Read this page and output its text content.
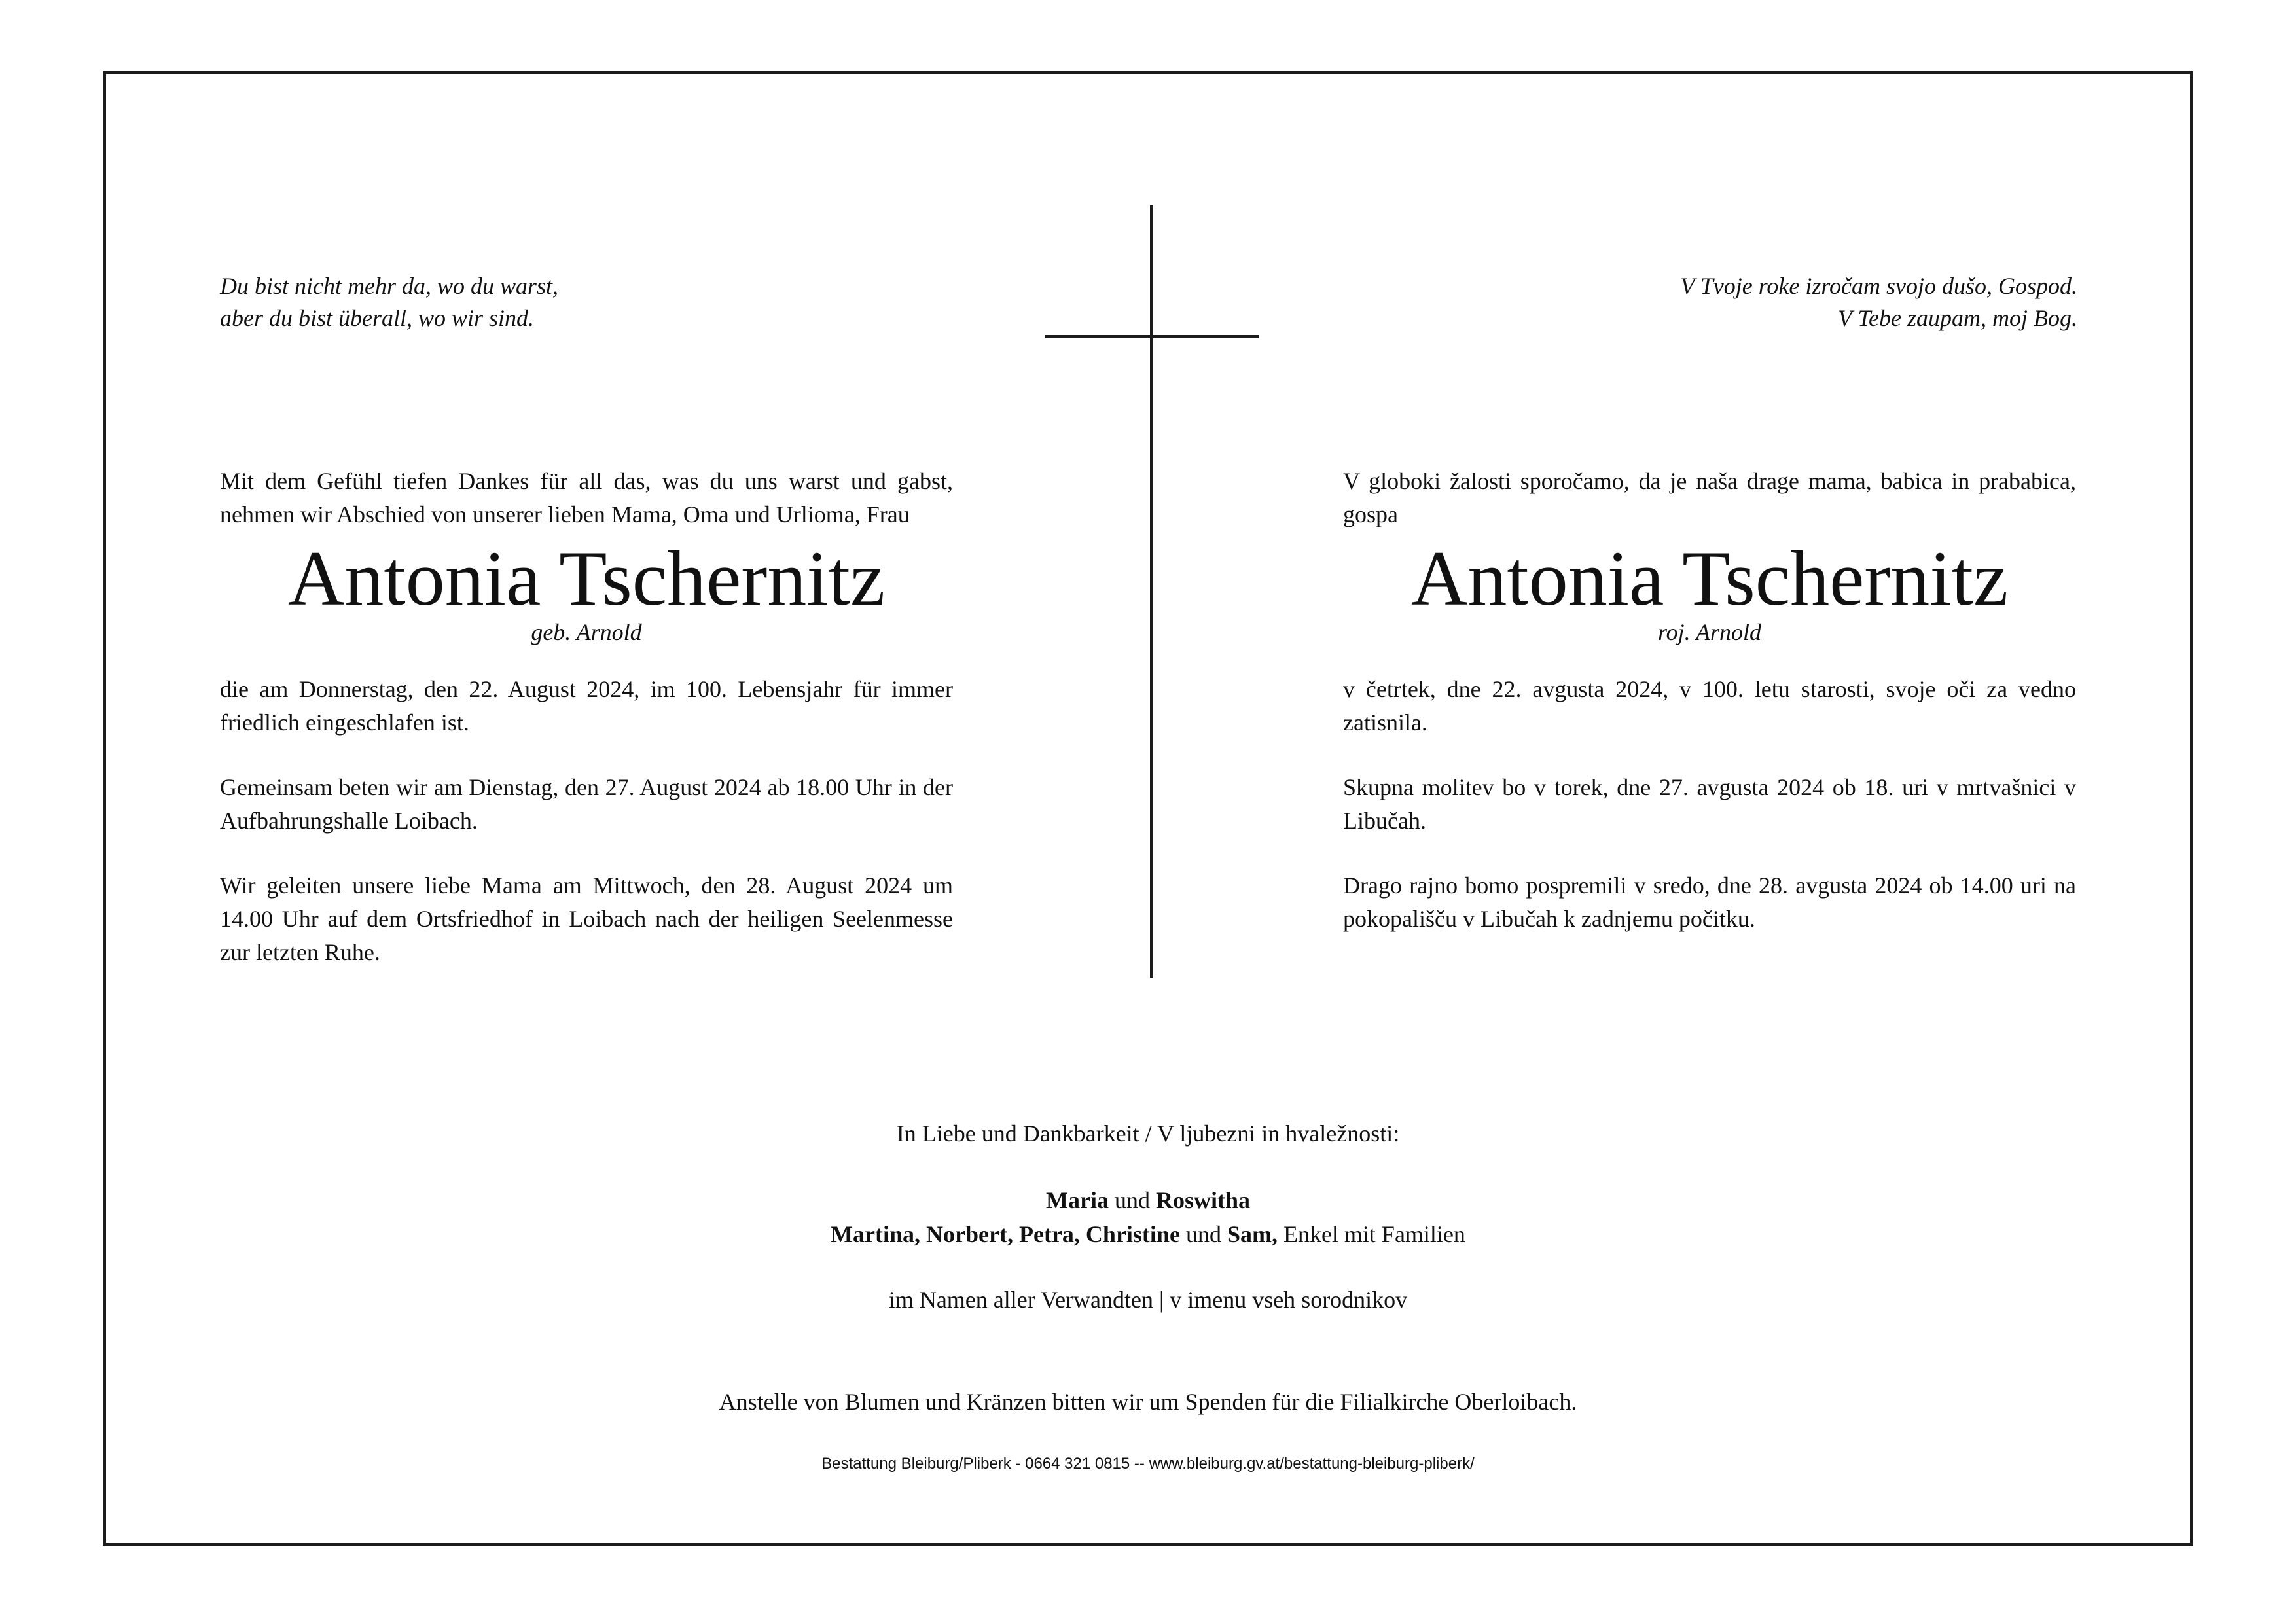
Du bist nicht mehr da, wo du warst,
aber du bist überall, wo wir sind.
V Tvoje roke izročam svojo dušo, Gospod.
V Tebe zaupam, moj Bog.

Mit dem Gefühl tiefen Dankes für all das, was du uns warst und gabst, nehmen wir Abschied von unserer lieben Mama, Oma und Urlioma, Frau

Antonia Tschernitz
geb. Arnold

die am Donnerstag, den 22. August 2024, im 100. Lebensjahr für immer friedlich eingeschlafen ist.

Gemeinsam beten wir am Dienstag, den 27. August 2024 ab 18.00 Uhr in der Aufbahrungshalle Loibach.

Wir geleiten unsere liebe Mama am Mittwoch, den 28. August 2024 um 14.00 Uhr auf dem Ortsfriedhof in Loibach nach der heiligen Seelenmesse zur letzten Ruhe.

V globoki žalosti sporočamo, da je naša drage mama, babica in prababica, gospa

Antonia Tschernitz
roj. Arnold

v četrtek, dne 22. avgusta 2024, v 100. letu starosti, svoje oči za vedno zatisnila.

Skupna molitev bo v torek, dne 27. avgusta 2024 ob 18. uri v mrtvašnici v Libučah.

Drago rajno bomo pospremili v sredo, dne 28. avgusta 2024 ob 14.00 uri na pokopališču v Libučah k zadnjemu počitku.

In Liebe und Dankbarkeit / V ljubezni in hvaležnosti:
Maria und Roswitha
Martina, Norbert, Petra, Christine und Sam, Enkel mit Familien
im Namen aller Verwandten | v imenu vseh sorodnikov
Anstelle von Blumen und Kränzen bitten wir um Spenden für die Filialkirche Oberloibach.
Bestattung Bleiburg/Pliberk - 0664 321 0815 -- www.bleiburg.gv.at/bestattung-bleiburg-pliberk/
